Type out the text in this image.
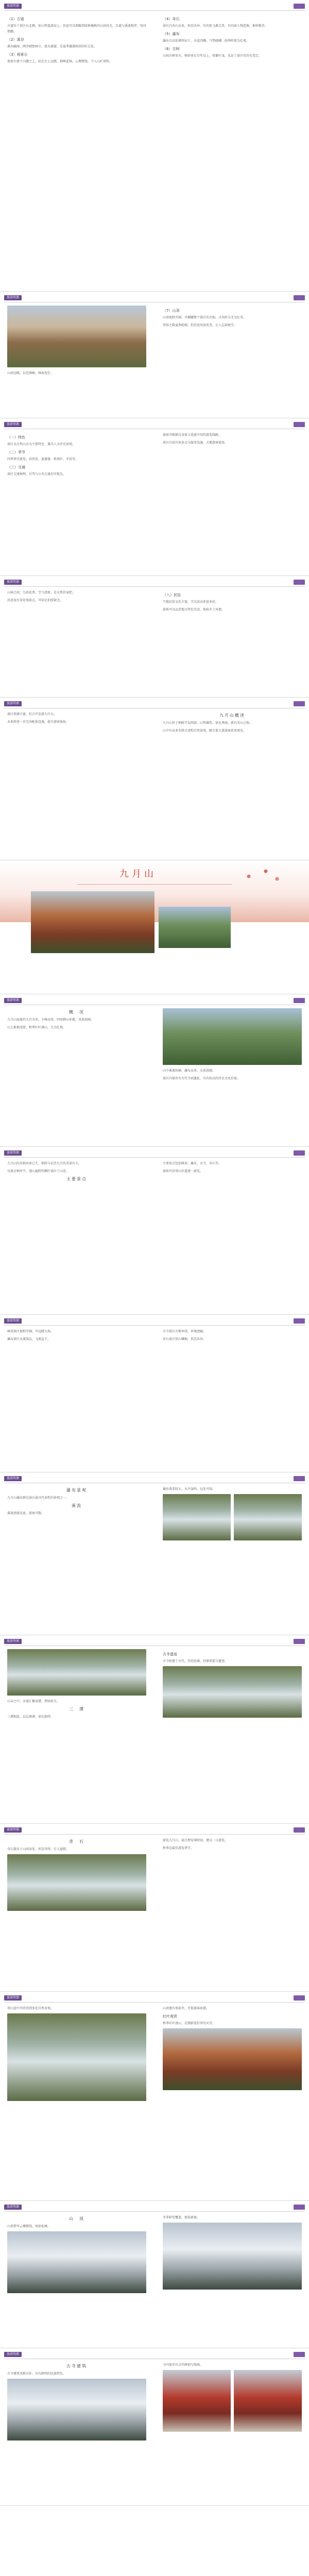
旅游资源

（1）古道

古道位于景区东北侧，依山势盘旋而上，沿途可以领略到绿树掩映的山间风光，步道与溪流相伴，别具情趣。

（2）溪谷

溪谷幽深，两岸峭壁林立，流水潺潺，是夏季避暑纳凉的好去处。

（3）观景台

观景台建于山腰之上，站在台上远眺，群峰连绵，云雾缭绕，令人心旷神怡。

（4）奇石

景区内奇石众多，形态各异，有的似飞禽走兽，有的如人物造像，惟妙惟肖。

（5）瀑布

瀑布自高处倾泻而下，水花四溅，气势磅礴，雨季时更为壮观。

（6）古树

山间古树参天，树龄多在百年以上，枝繁叶茂，见证了景区的历史变迁。

旅游资源

山间远眺，层峦叠嶂，林海苍茫。

（7）山顶

山顶视野开阔，可俯瞰整个景区的全貌，日出时分尤为壮美。

登顶之路虽然陡峭，但沿途风景优美，让人忘却疲劳。

旅游资源

（一）特色

景区以自然山水为主要特色，兼具人文历史景观。

（二）季节

四季皆宜游览，春赏花、夏避暑、秋观叶、冬看雪。

（三）交通

景区交通便利，自驾与公共交通均可抵达。

游客可根据自身体力选择不同的游览线路。

景区内设有休息点与服务设施，方便游客使用。

旅游资源

山林之间，鸟语花香，空气清新，是天然的氧吧。

沿途设有多处观景点，可驻足拍照留念。

（八）民俗

当地民俗文化丰富，节庆活动多姿多彩。

游客可以品尝地方特色美食，体验乡土风情。

旅游资源

景区资源丰富，综合开发潜力巨大。

未来将进一步完善配套设施，提升游客体验。

九月山概述

九月山位于朝鲜半岛西部，山势雄伟，景色秀丽，素有名山之称。

山中有众多名胜古迹和自然景观，吸引着大量游客前来观光。

九月山
旅游资源

概　况

九月山海拔约九百余米，主峰高耸，四周群山环抱，风景如画。

山上植被茂密，秋季红叶满山，尤为壮观。

山中溪流纵横，瀑布众多，水质清澈。

景区内保存有古代寺庙遗址，具有较高的历史文化价值。

旅游资源

九月山的名称由来已久，相传与农历九月的美景有关。

每逢金秋时节，漫山遍野的枫叶染红了山峦。

主要景点

主要景点包括峰顶、瀑布、古寺、奇石等。

游客可沿登山步道逐一游览。

旅游资源

峰顶景区视野开阔，可远眺大海。

瀑布景区水流湍急，飞流直下。

古寺景区古树环绕，环境清幽。

奇石景区怪石嶙峋，形态各异。

旅游资源

瀑布景观

九月山瀑布群是景区最具代表性的景观之一。

溪流

溪流清澈见底，游鱼可数。

瀑布落差较大，水声轰鸣，远处可闻。

旅游资源

山谷之中，水流汇聚成潭，碧绿如玉。

三　潭

三潭相连，层层叠叠，景色独特。

古寺遗迹

古寺始建于古代，历经沧桑，仍保留部分遗迹。

旅游资源

奇　石

奇石散布于山间各处，形态奇特，引人遐想。

游览九月山，需合理安排时间，建议一日游览。

秋季是最佳游览季节。

旅游资源

登山途中可欣赏到多处自然奇观。	山顶建有观景亭，可供游客休憩。

红叶观赏

秋季红叶漫山，是摄影爱好者的天堂。

旅游资源

山　顶

山顶常年云雾缭绕，宛如仙境。

冬季积雪覆盖，银装素裹。

旅游资源

古寺建筑

古寺建筑风格古朴，具有鲜明的民族特色。

寺内保存有古代碑刻与壁画。
